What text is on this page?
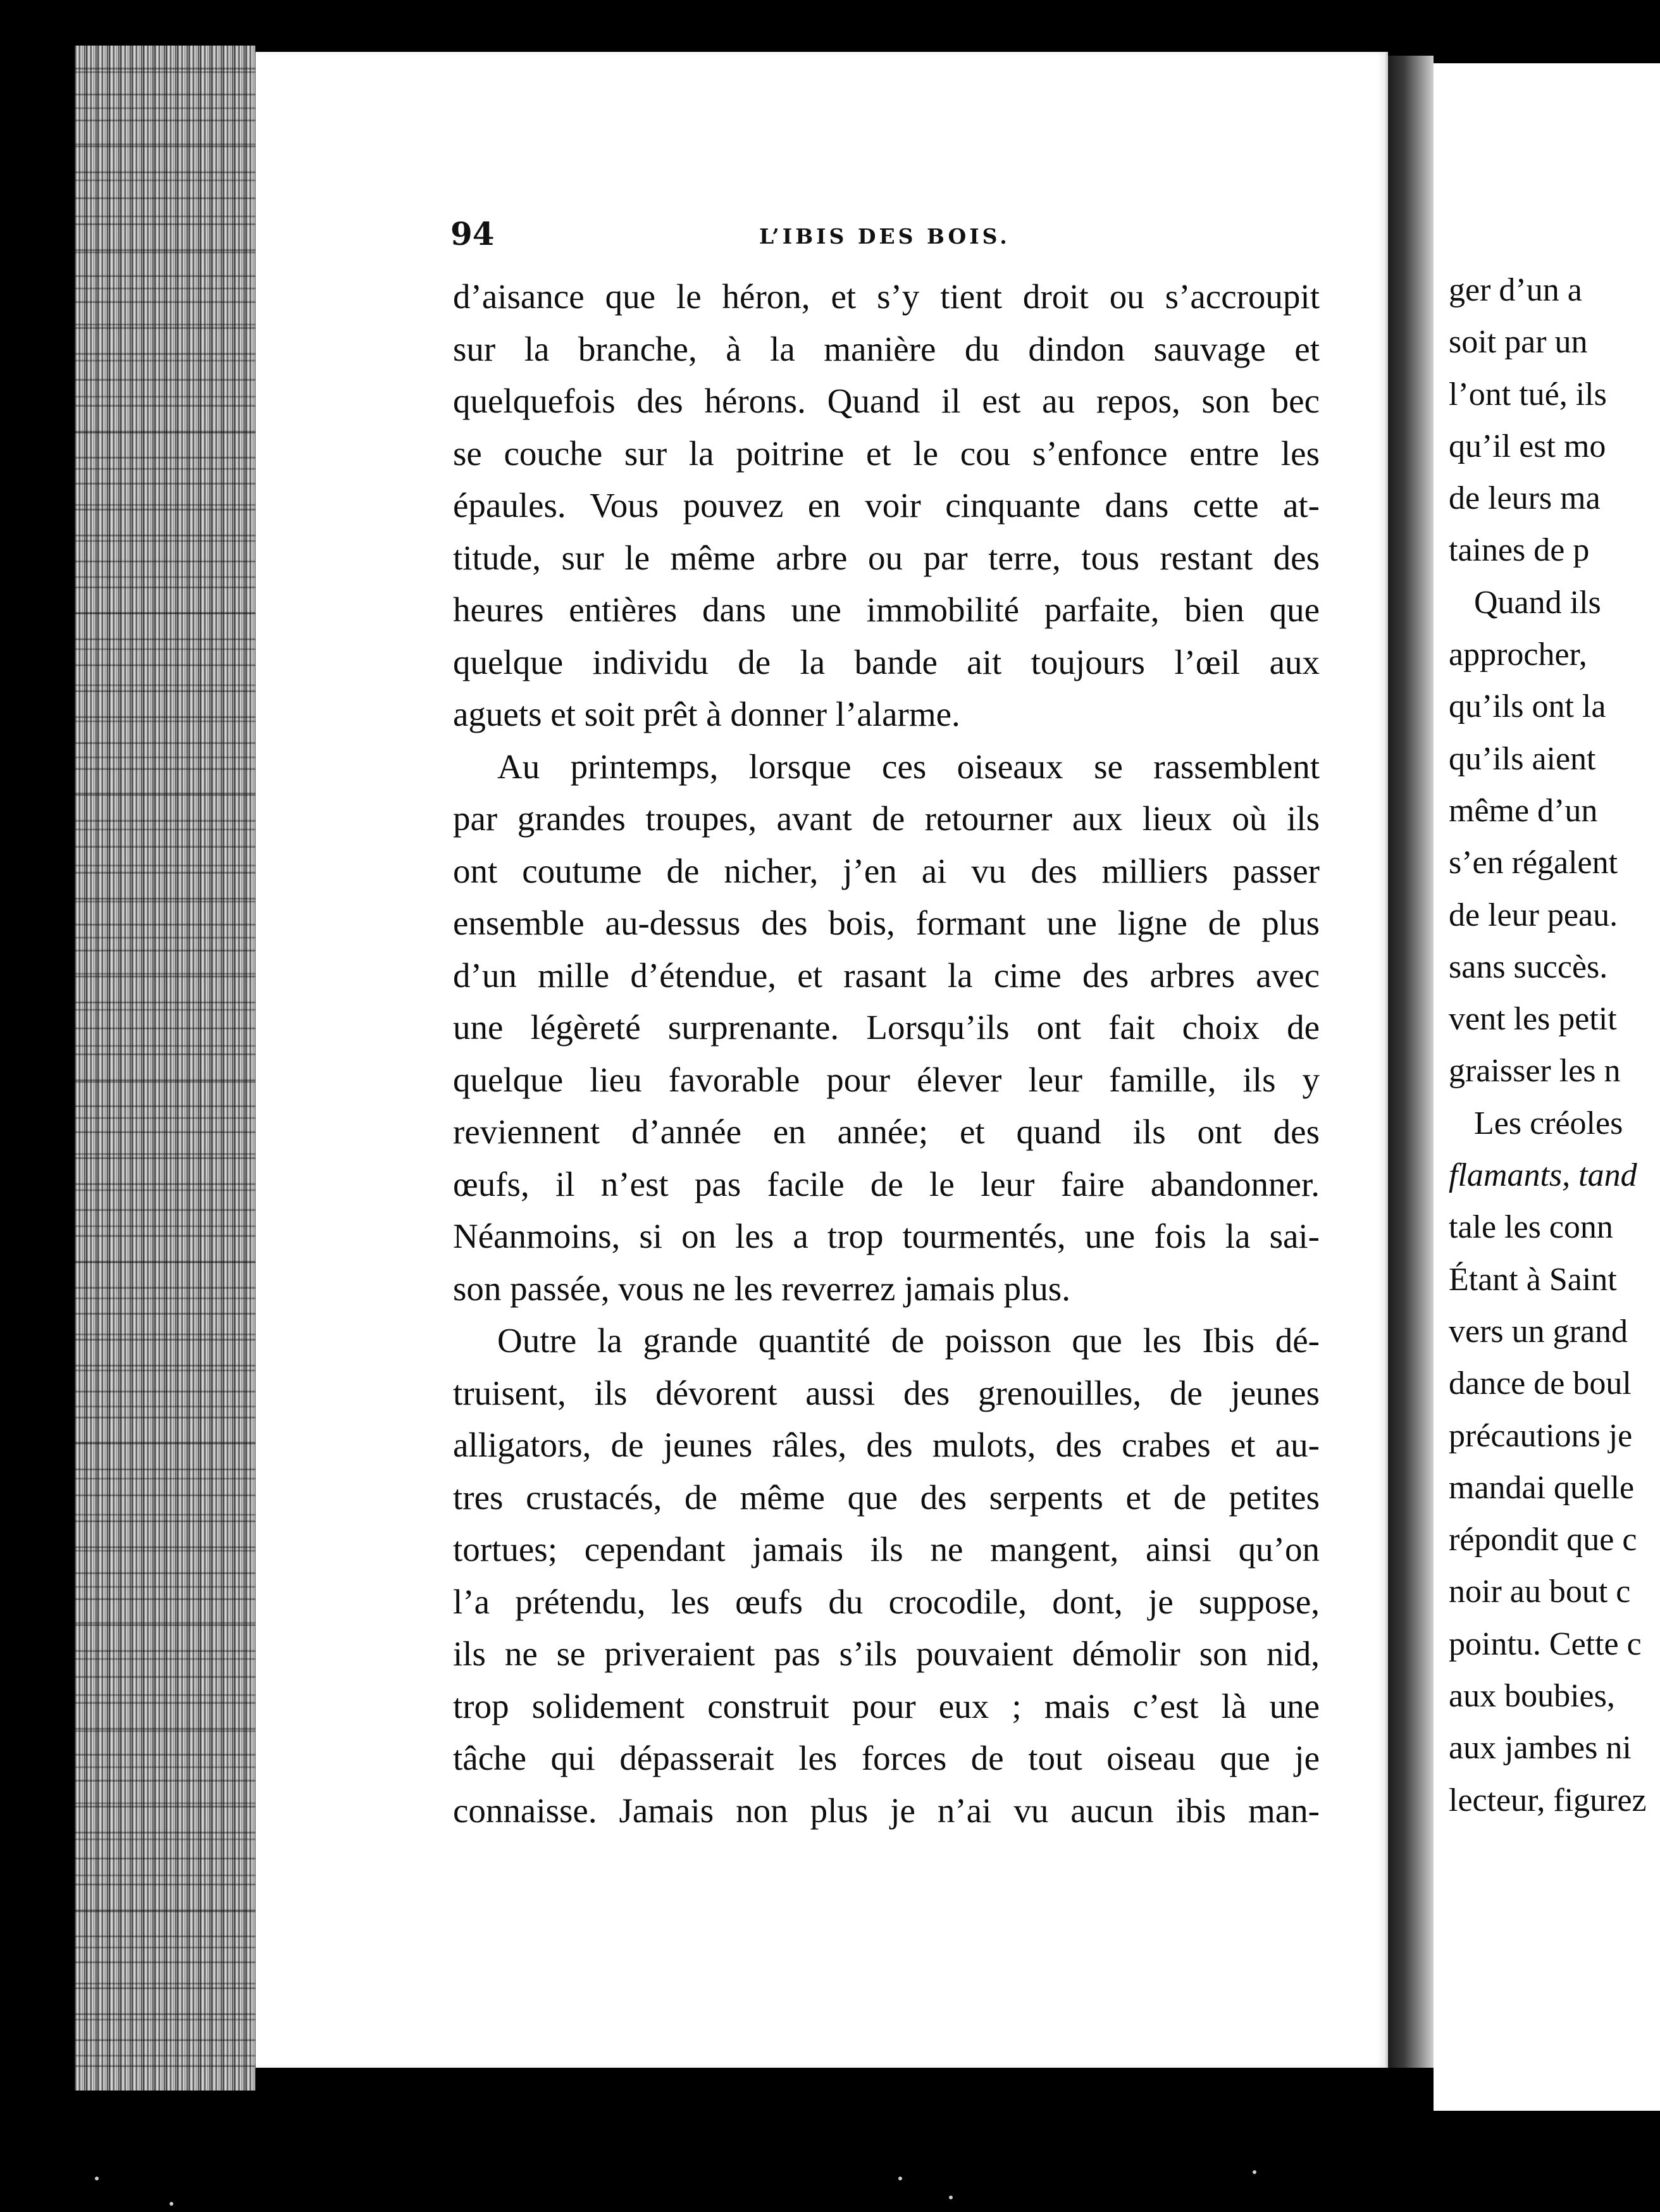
94	L’IBIS DES BOIS.
d’aisance que le héron, et s’y tient droit ou s’accroupit
sur la branche, à la manière du dindon sauvage et
quelquefois des hérons. Quand il est au repos, son bec
se couche sur la poitrine et le cou s’enfonce entre les
épaules. Vous pouvez en voir cinquante dans cette at-
titude, sur le même arbre ou par terre, tous restant des
heures entières dans une immobilité parfaite, bien que
quelque individu de la bande ait toujours l’œil aux
aguets et soit prêt à donner l’alarme.
Au printemps, lorsque ces oiseaux se rassemblent
par grandes troupes, avant de retourner aux lieux où ils
ont coutume de nicher, j’en ai vu des milliers passer
ensemble au-dessus des bois, formant une ligne de plus
d’un mille d’étendue, et rasant la cime des arbres avec
une légèreté surprenante. Lorsqu’ils ont fait choix de
quelque lieu favorable pour élever leur famille, ils y
reviennent d’année en année; et quand ils ont des
œufs, il n’est pas facile de le leur faire abandonner.
Néanmoins, si on les a trop tourmentés, une fois la sai-
son passée, vous ne les reverrez jamais plus.
Outre la grande quantité de poisson que les Ibis dé-
truisent, ils dévorent aussi des grenouilles, de jeunes
alligators, de jeunes râles, des mulots, des crabes et au-
tres crustacés, de même que des serpents et de petites
tortues; cependant jamais ils ne mangent, ainsi qu’on
l’a prétendu, les œufs du crocodile, dont, je suppose,
ils ne se priveraient pas s’ils pouvaient démolir son nid,
trop solidement construit pour eux ; mais c’est là une
tâche qui dépasserait les forces de tout oiseau que je
connaisse. Jamais non plus je n’ai vu aucun ibis man-
ger d’un a
soit par un
l’ont tué, ils
qu’il est mo
de leurs ma
taines de p
Quand ils
approcher,
qu’ils ont la
qu’ils aient
même d’un
s’en régalent
de leur peau.
sans succès.
vent les petit
graisser les n
Les créoles
flamants, tand
tale les conn
Étant à Saint
vers un grand
dance de boul
précautions je
mandai quelle
répondit que c
noir au bout c
pointu. Cette c
aux boubies,
aux jambes ni
lecteur, figurez
